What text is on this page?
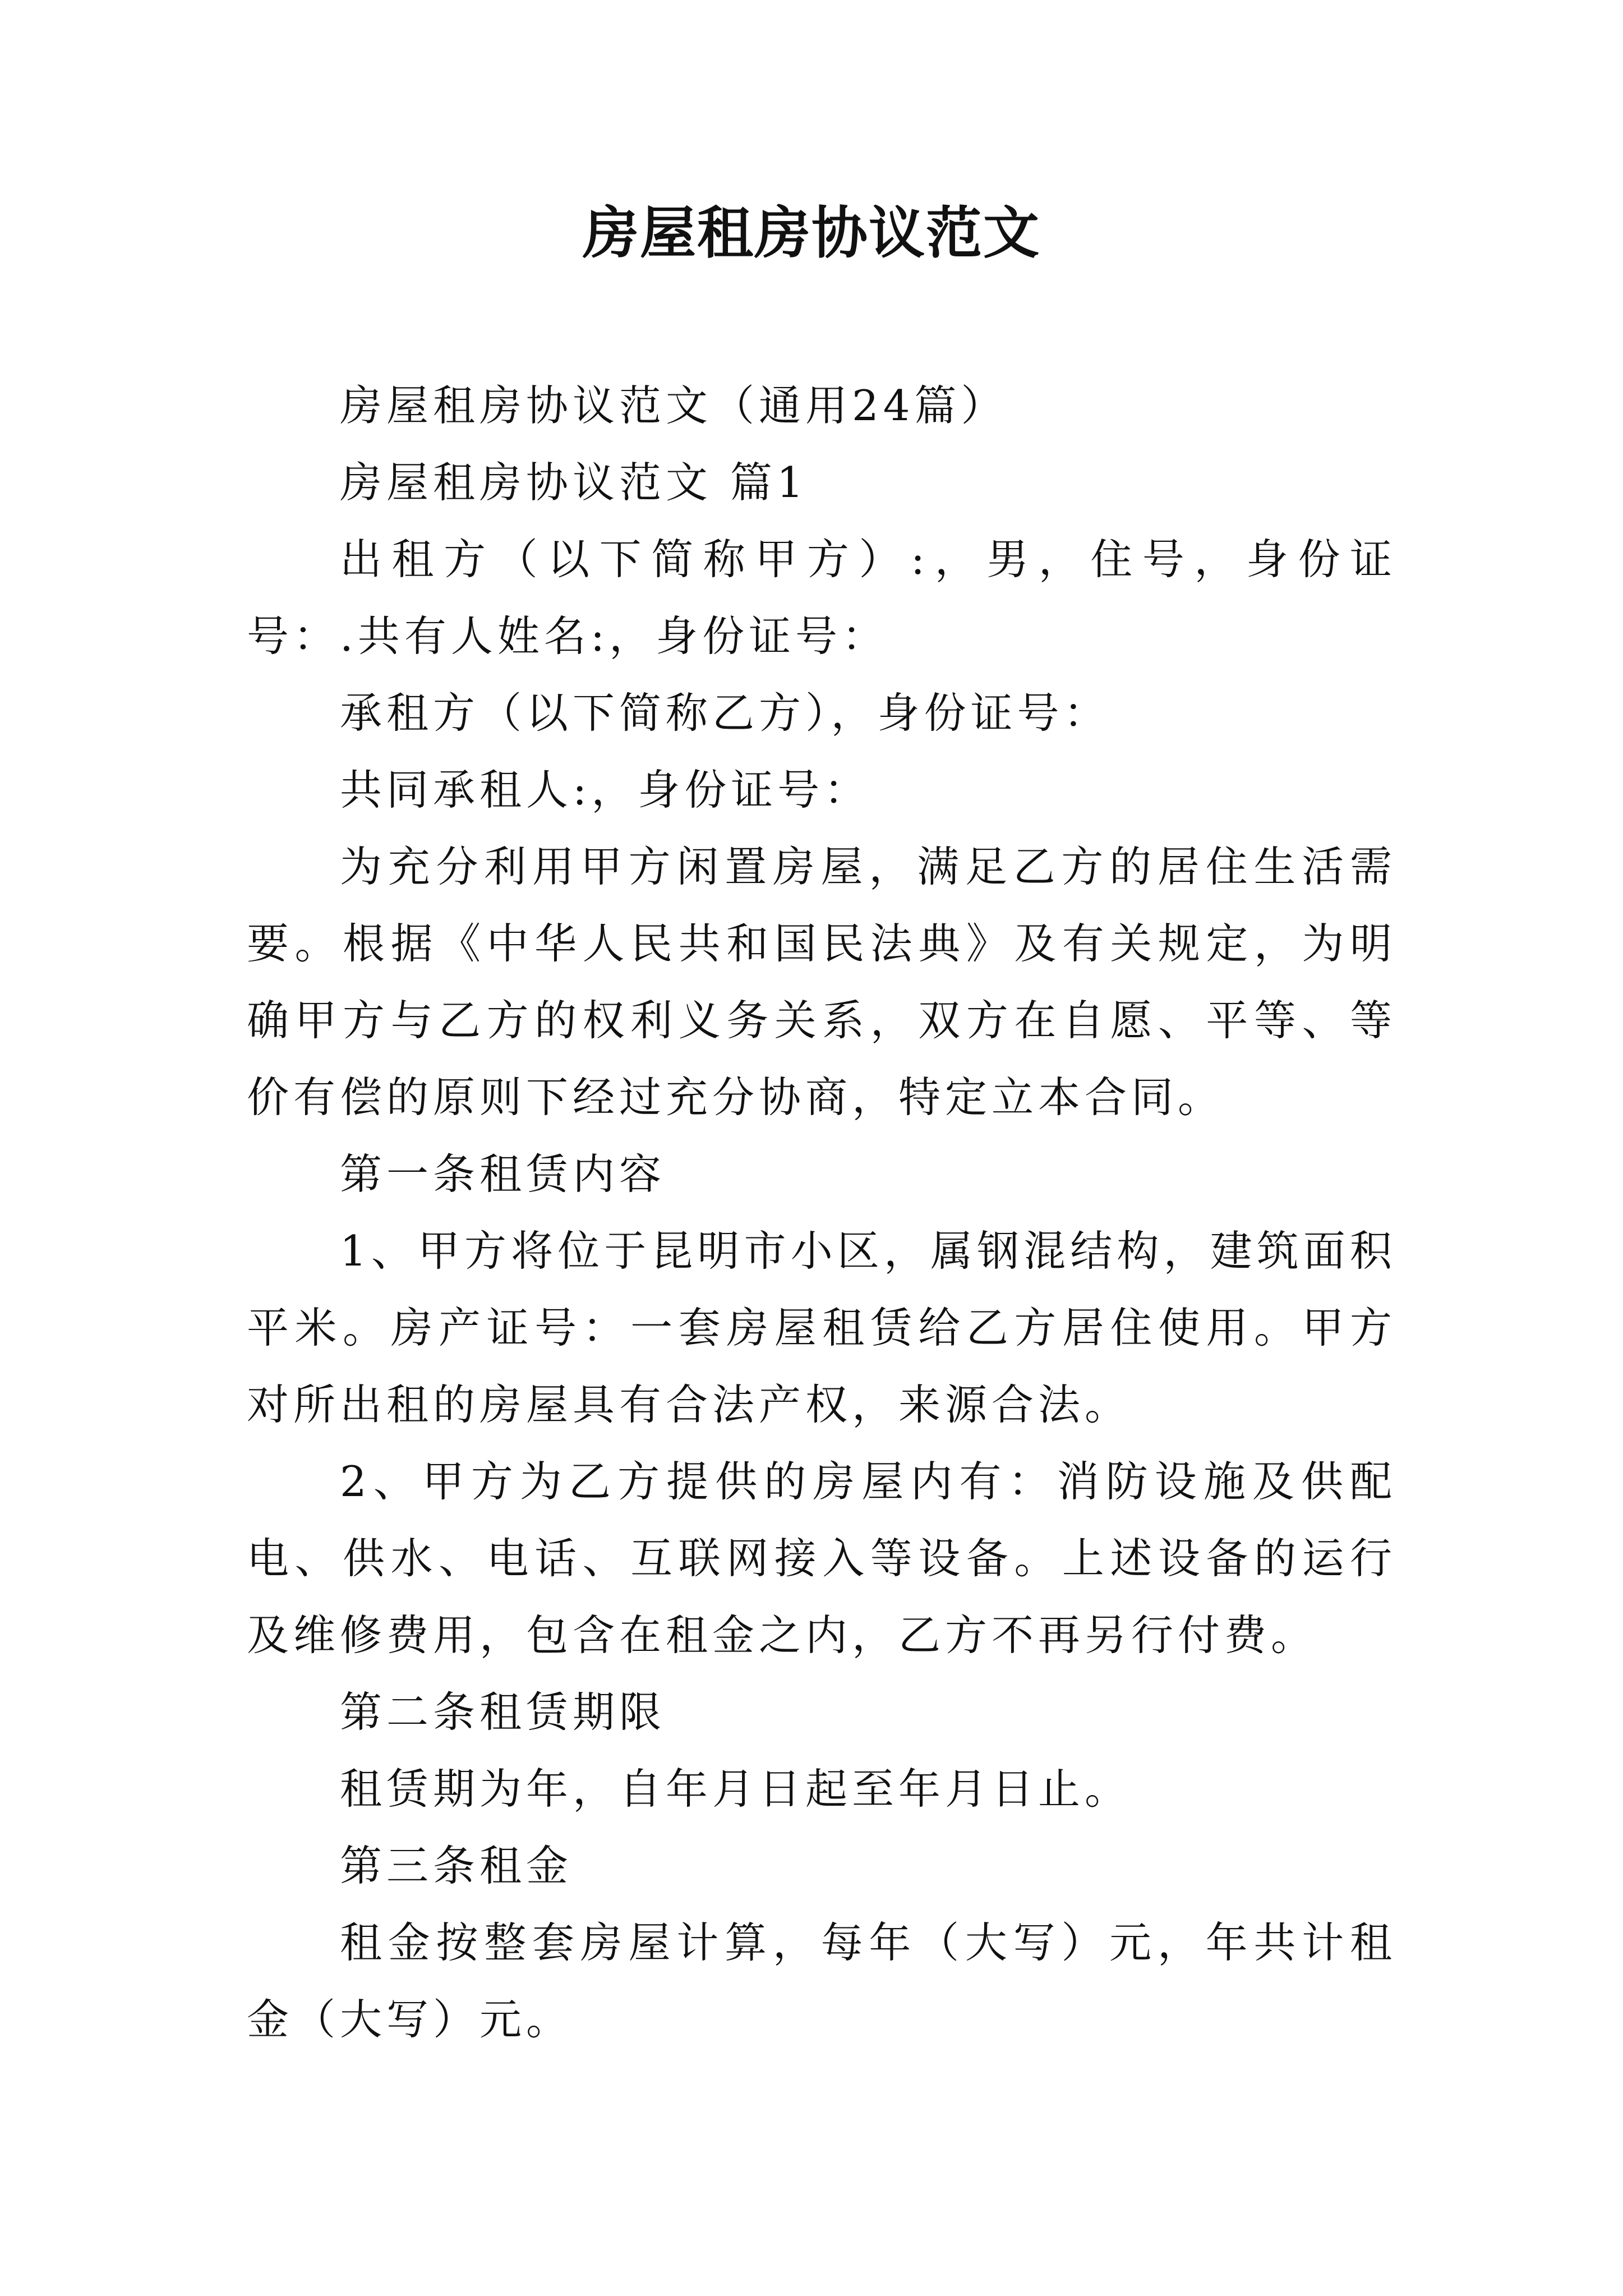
房屋租房协议范文

房屋租房协议范文（通用24篇）

房屋租房协议范文 篇1

出租方（以下简称甲方）:，男，住号，身份证号：.共有人姓名:，身份证号：

承租方（以下简称乙方），身份证号：

共同承租人:，身份证号：

为充分利用甲方闲置房屋，满足乙方的居住生活需要。根据《中华人民共和国民法典》及有关规定，为明确甲方与乙方的权利义务关系，双方在自愿、平等、等价有偿的原则下经过充分协商，特定立本合同。

第一条租赁内容

1、甲方将位于昆明市小区，属钢混结构，建筑面积平米。房产证号：一套房屋租赁给乙方居住使用。甲方对所出租的房屋具有合法产权，来源合法。

2、甲方为乙方提供的房屋内有：消防设施及供配电、供水、电话、互联网接入等设备。上述设备的运行及维修费用，包含在租金之内，乙方不再另行付费。

第二条租赁期限

租赁期为年，自年月日起至年月日止。

第三条租金

租金按整套房屋计算，每年（大写）元，年共计租金（大写）元。
